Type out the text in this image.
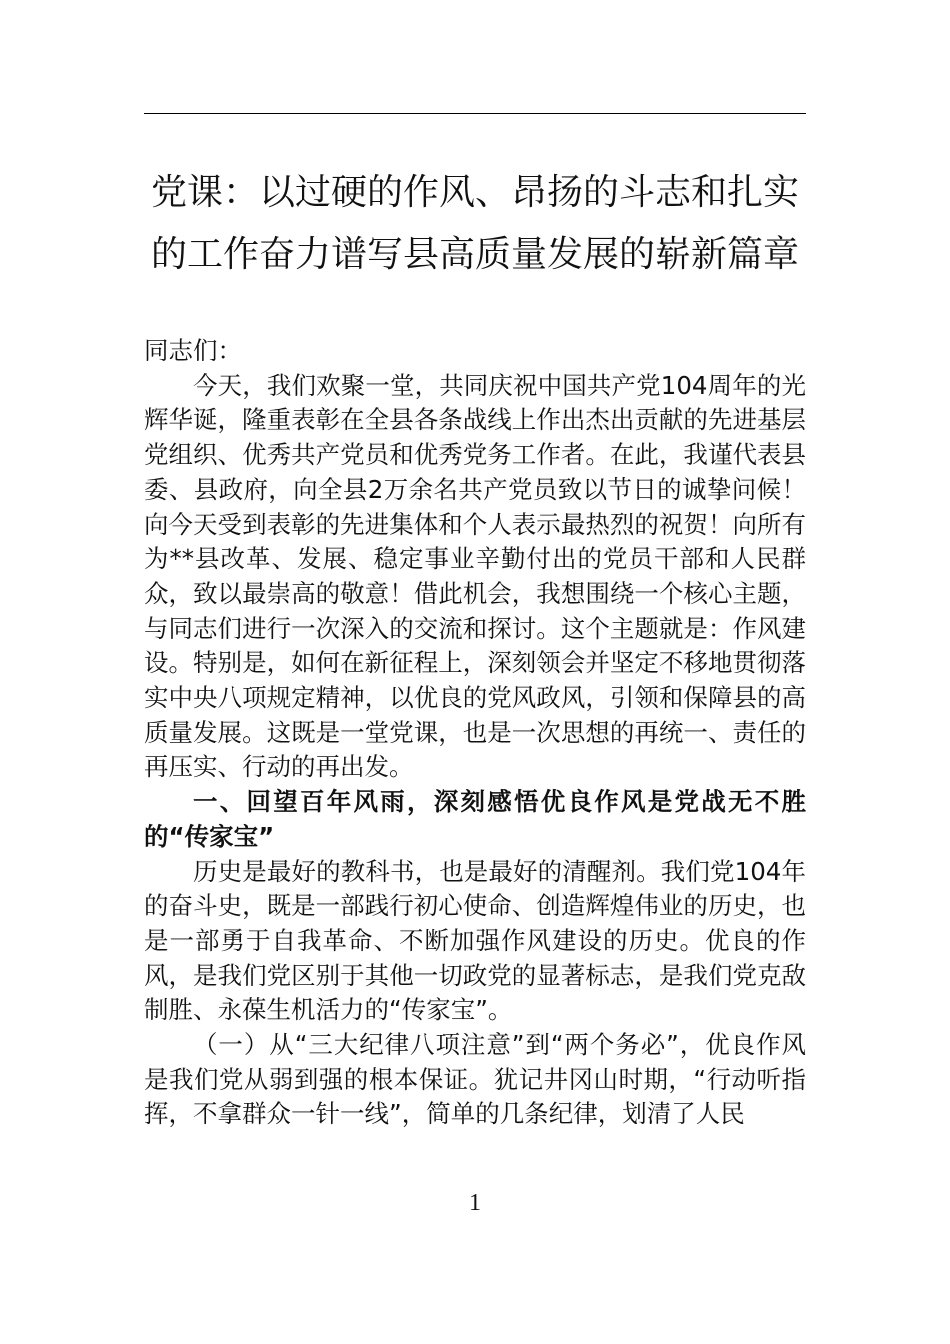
党课：以过硬的作风、昂扬的斗志和扎实
的工作奋力谱写县高质量发展的崭新篇章

同志们：

今天，我们欢聚一堂，共同庆祝中国共产党104周年的光辉华诞，隆重表彰在全县各条战线上作出杰出贡献的先进基层党组织、优秀共产党员和优秀党务工作者。在此，我谨代表县委、县政府，向全县2万余名共产党员致以节日的诚挚问候！向今天受到表彰的先进集体和个人表示最热烈的祝贺！向所有为**县改革、发展、稳定事业辛勤付出的党员干部和人民群众，致以最崇高的敬意！借此机会，我想围绕一个核心主题，与同志们进行一次深入的交流和探讨。这个主题就是：作风建设。特别是，如何在新征程上，深刻领会并坚定不移地贯彻落实中央八项规定精神，以优良的党风政风，引领和保障县的高质量发展。这既是一堂党课，也是一次思想的再统一、责任的再压实、行动的再出发。

一、回望百年风雨，深刻感悟优良作风是党战无不胜的“传家宝”

历史是最好的教科书，也是最好的清醒剂。我们党104年的奋斗史，既是一部践行初心使命、创造辉煌伟业的历史，也是一部勇于自我革命、不断加强作风建设的历史。优良的作风，是我们党区别于其他一切政党的显著标志，是我们党克敌制胜、永葆生机活力的“传家宝”。

（一）从“三大纪律八项注意”到“两个务必”，优良作风是我们党从弱到强的根本保证。犹记井冈山时期，“行动听指挥，不拿群众一针一线”，简单的几条纪律，划清了人民

1
